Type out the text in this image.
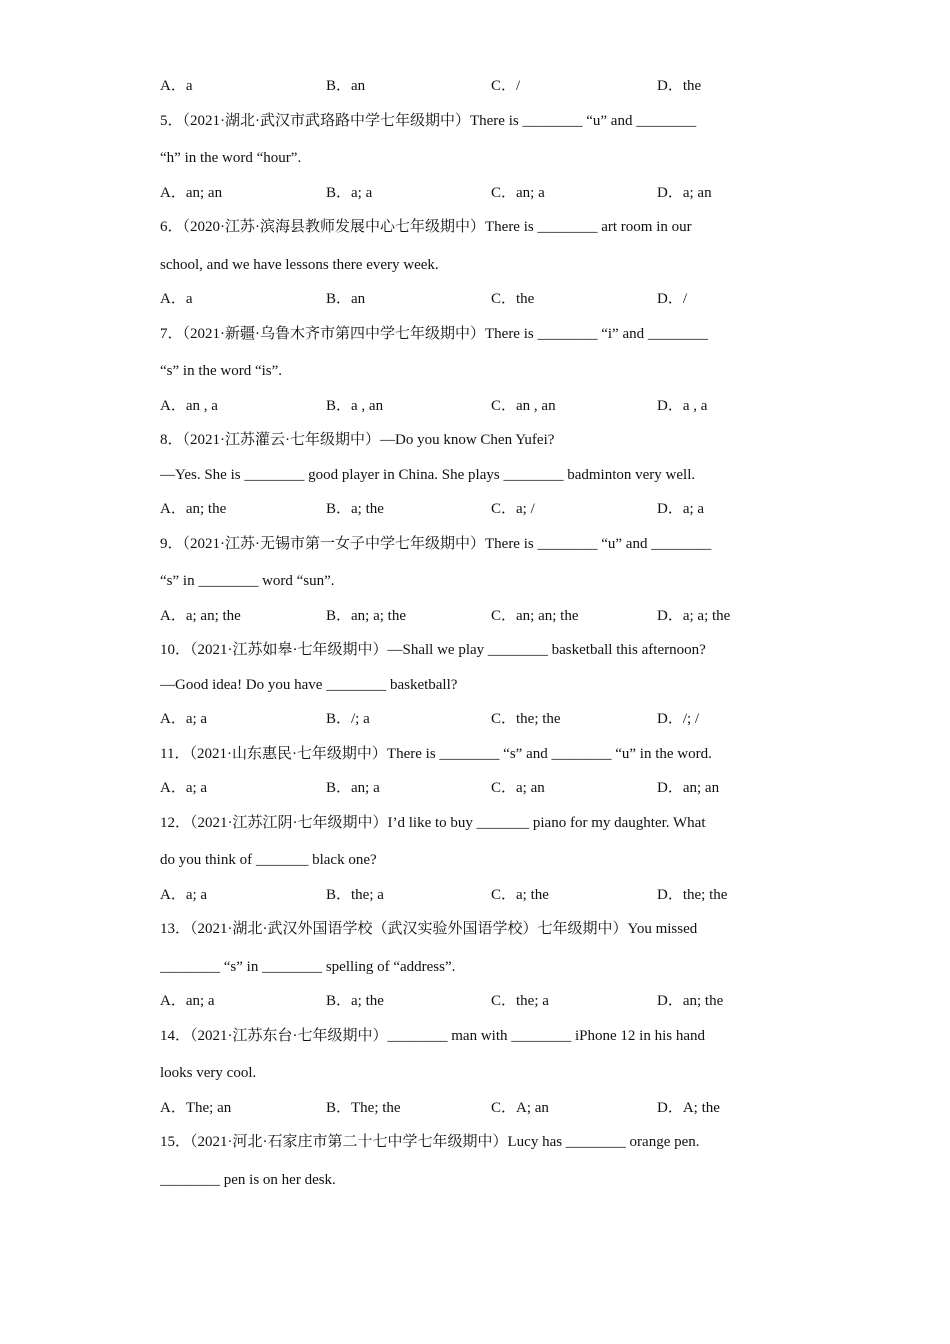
A．a	B．an	C．/	D．the
5．（2021·湖北·武汉市武珞路中学七年级期中）There is ________ “u” and ________
“h” in the word “hour”.
A．an; an	B．a; a	C．an; a	D．a; an
6．（2020·江苏·滨海县教师发展中心七年级期中）There is ________ art room in our
school, and we have lessons there every week.
A．a	B．an	C．the	D．/
7．（2021·新疆·乌鲁木齐市第四中学七年级期中）There is ________ “i” and ________
“s” in the word “is”.
A．an , a	B．a , an	C．an , an	D．a , a
8．（2021·江苏灌云·七年级期中）—Do you know Chen Yufei?
—Yes. She is ________ good player in China. She plays ________ badminton very well.
A．an; the	B．a; the	C．a; /	D．a; a
9．（2021·江苏·无锡市第一女子中学七年级期中）There is ________ “u” and ________
“s” in ________ word “sun”.
A．a; an; the	B．an; a; the	C．an; an; the	D．a; a; the
10．（2021·江苏如皋·七年级期中）—Shall we play ________ basketball this afternoon?
—Good idea! Do you have ________ basketball?
A．a; a	B．/; a	C．the; the	D．/; /
11．（2021·山东惠民·七年级期中）There is ________ “s” and ________ “u” in the word.
A．a; a	B．an; a	C．a; an	D．an; an
12．（2021·江苏江阴·七年级期中）I’d like to buy _______ piano for my daughter. What
do you think of _______ black one?
A．a; a	B．the; a	C．a; the	D．the; the
13．（2021·湖北·武汉外国语学校（武汉实验外国语学校）七年级期中）You missed
________ “s” in ________ spelling of “address”.
A．an; a	B．a; the	C．the; a	D．an; the
14．（2021·江苏东台·七年级期中）________ man with ________ iPhone 12 in his hand
looks very cool.
A．The; an	B．The; the	C．A; an	D．A; the
15．（2021·河北·石家庄市第二十七中学七年级期中）Lucy has ________ orange pen.
________ pen is on her desk.
